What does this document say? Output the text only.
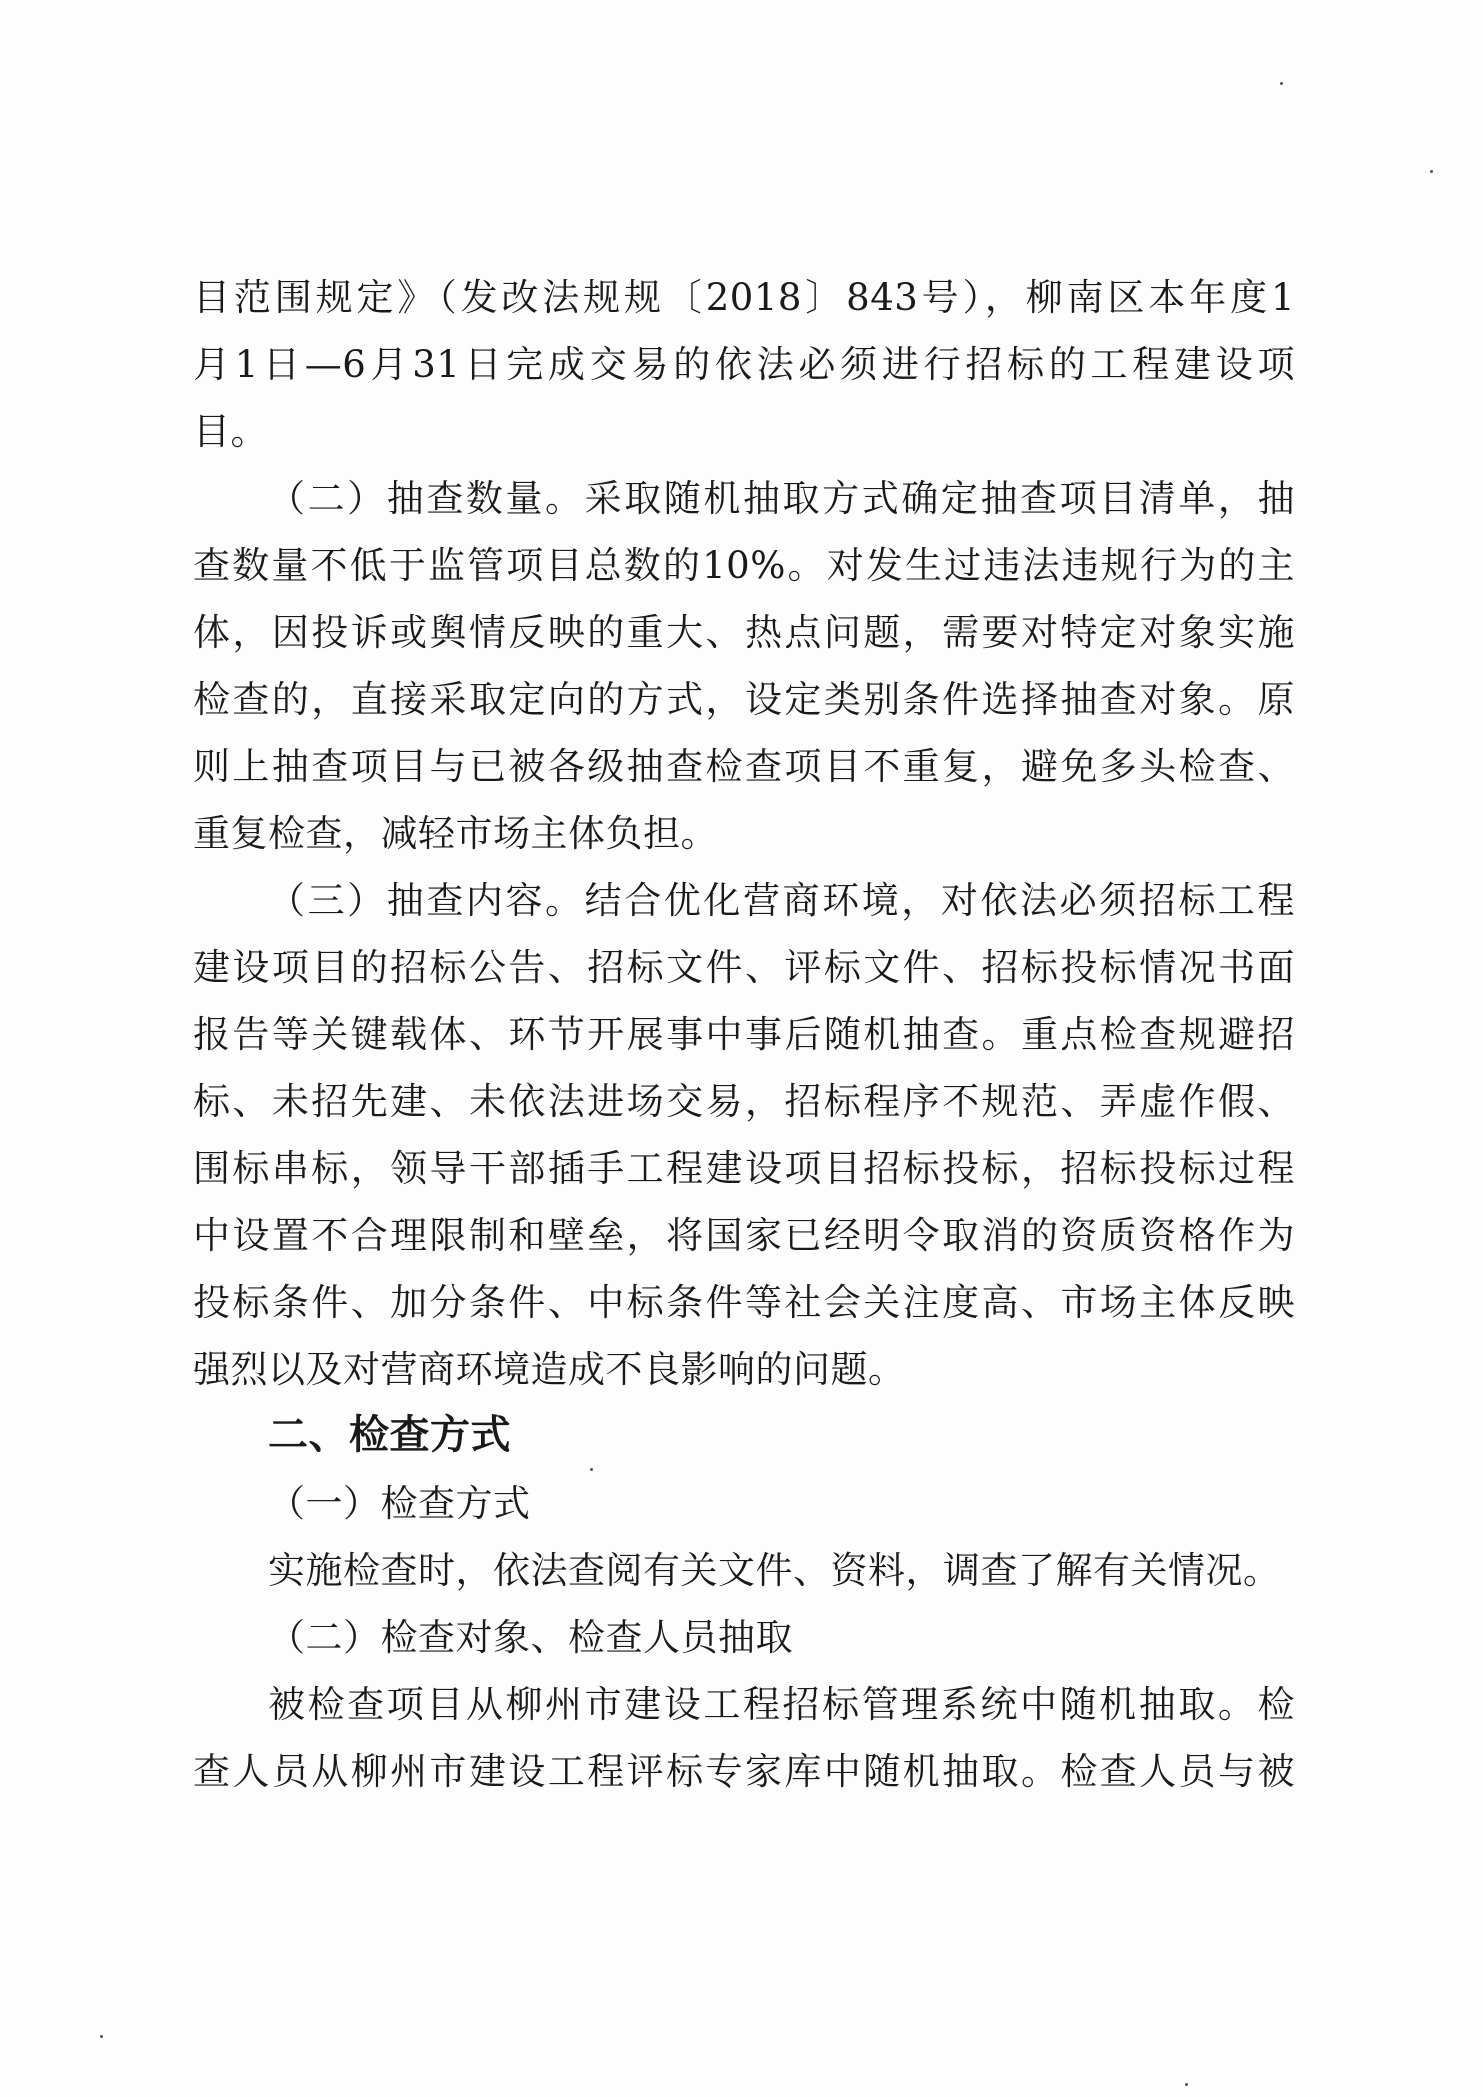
目范围规定》（发改法规规〔2018〕843号），柳南区本年度1
月1日—6月31日完成交易的依法必须进行招标的工程建设项
目。
（二）抽查数量。采取随机抽取方式确定抽查项目清单，抽
查数量不低于监管项目总数的10%。对发生过违法违规行为的主
体，因投诉或舆情反映的重大、热点问题，需要对特定对象实施
检查的，直接采取定向的方式，设定类别条件选择抽查对象。原
则上抽查项目与已被各级抽查检查项目不重复，避免多头检查、
重复检查，减轻市场主体负担。
（三）抽查内容。结合优化营商环境，对依法必须招标工程
建设项目的招标公告、招标文件、评标文件、招标投标情况书面
报告等关键载体、环节开展事中事后随机抽查。重点检查规避招
标、未招先建、未依法进场交易，招标程序不规范、弄虚作假、
围标串标，领导干部插手工程建设项目招标投标，招标投标过程
中设置不合理限制和壁垒，将国家已经明令取消的资质资格作为
投标条件、加分条件、中标条件等社会关注度高、市场主体反映
强烈以及对营商环境造成不良影响的问题。
二、检查方式
（一）检查方式
实施检查时，依法查阅有关文件、资料，调查了解有关情况。
（二）检查对象、检查人员抽取
被检查项目从柳州市建设工程招标管理系统中随机抽取。检
查人员从柳州市建设工程评标专家库中随机抽取。检查人员与被
